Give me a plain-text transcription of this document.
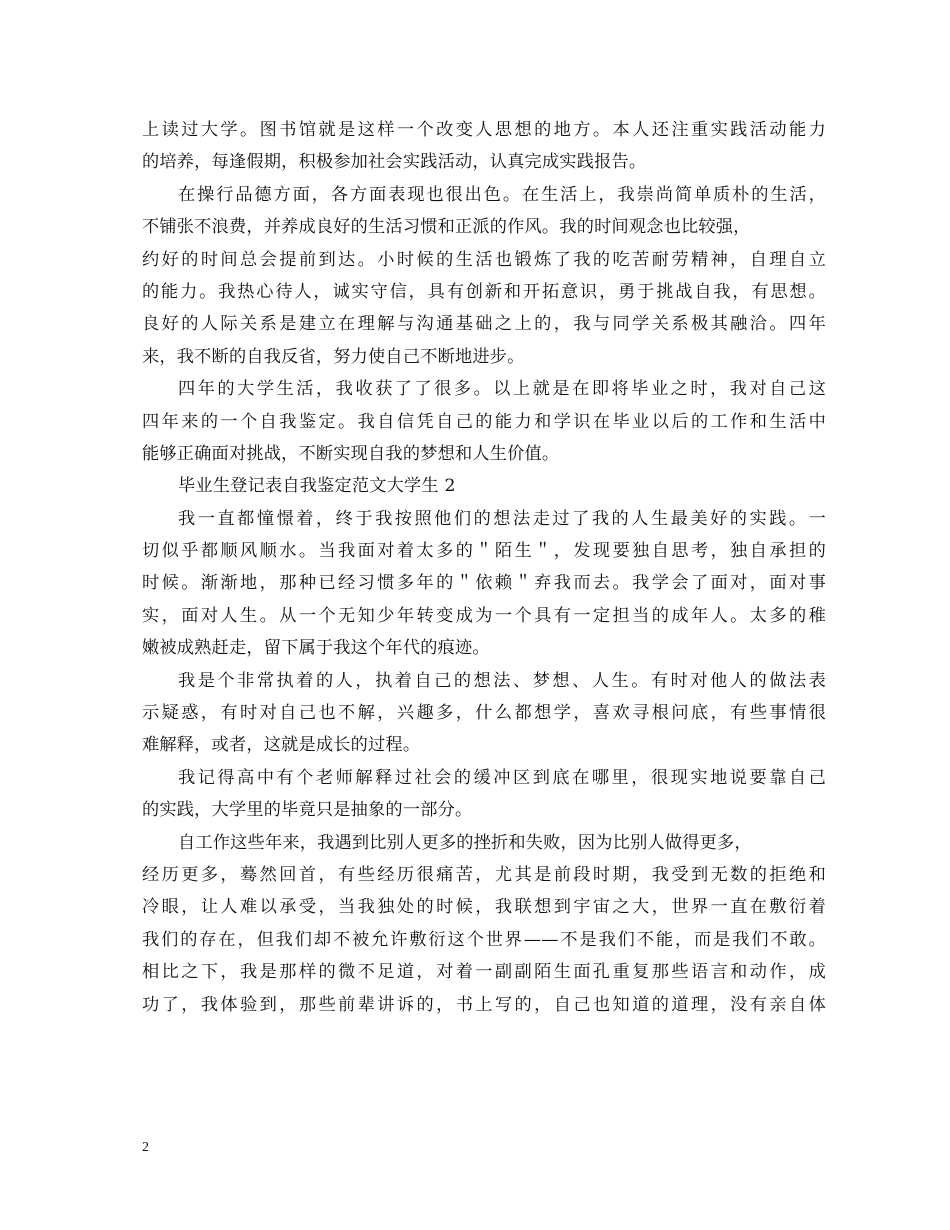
上读过大学。图书馆就是这样一个改变人思想的地方。本人还注重实践活动能力
的培养，每逢假期，积极参加社会实践活动，认真完成实践报告。
在操行品德方面，各方面表现也很出色。在生活上，我崇尚简单质朴的生活，
不铺张不浪费，并养成良好的生活习惯和正派的作风。我的时间观念也比较强，
约好的时间总会提前到达。小时候的生活也锻炼了我的吃苦耐劳精神，自理自立
的能力。我热心待人，诚实守信，具有创新和开拓意识，勇于挑战自我，有思想。
良好的人际关系是建立在理解与沟通基础之上的，我与同学关系极其融洽。四年
来，我不断的自我反省，努力使自己不断地进步。
四年的大学生活，我收获了了很多。以上就是在即将毕业之时，我对自己这
四年来的一个自我鉴定。我自信凭自己的能力和学识在毕业以后的工作和生活中
能够正确面对挑战，不断实现自我的梦想和人生价值。
毕业生登记表自我鉴定范文大学生 2
我一直都憧憬着，终于我按照他们的想法走过了我的人生最美好的实践。一
切似乎都顺风顺水。当我面对着太多的＂陌生＂，发现要独自思考，独自承担的
时候。渐渐地，那种已经习惯多年的＂依赖＂弃我而去。我学会了面对，面对事
实，面对人生。从一个无知少年转变成为一个具有一定担当的成年人。太多的稚
嫩被成熟赶走，留下属于我这个年代的痕迹。
我是个非常执着的人，执着自己的想法、梦想、人生。有时对他人的做法表
示疑惑，有时对自己也不解，兴趣多，什么都想学，喜欢寻根问底，有些事情很
难解释，或者，这就是成长的过程。
我记得高中有个老师解释过社会的缓冲区到底在哪里，很现实地说要靠自己
的实践，大学里的毕竟只是抽象的一部分。
自工作这些年来，我遇到比别人更多的挫折和失败，因为比别人做得更多，
经历更多，蓦然回首，有些经历很痛苦，尤其是前段时期，我受到无数的拒绝和
冷眼，让人难以承受，当我独处的时候，我联想到宇宙之大，世界一直在敷衍着
我们的存在，但我们却不被允许敷衍这个世界——不是我们不能，而是我们不敢。
相比之下，我是那样的微不足道，对着一副副陌生面孔重复那些语言和动作，成
功了，我体验到，那些前辈讲诉的，书上写的，自己也知道的道理，没有亲自体
2
